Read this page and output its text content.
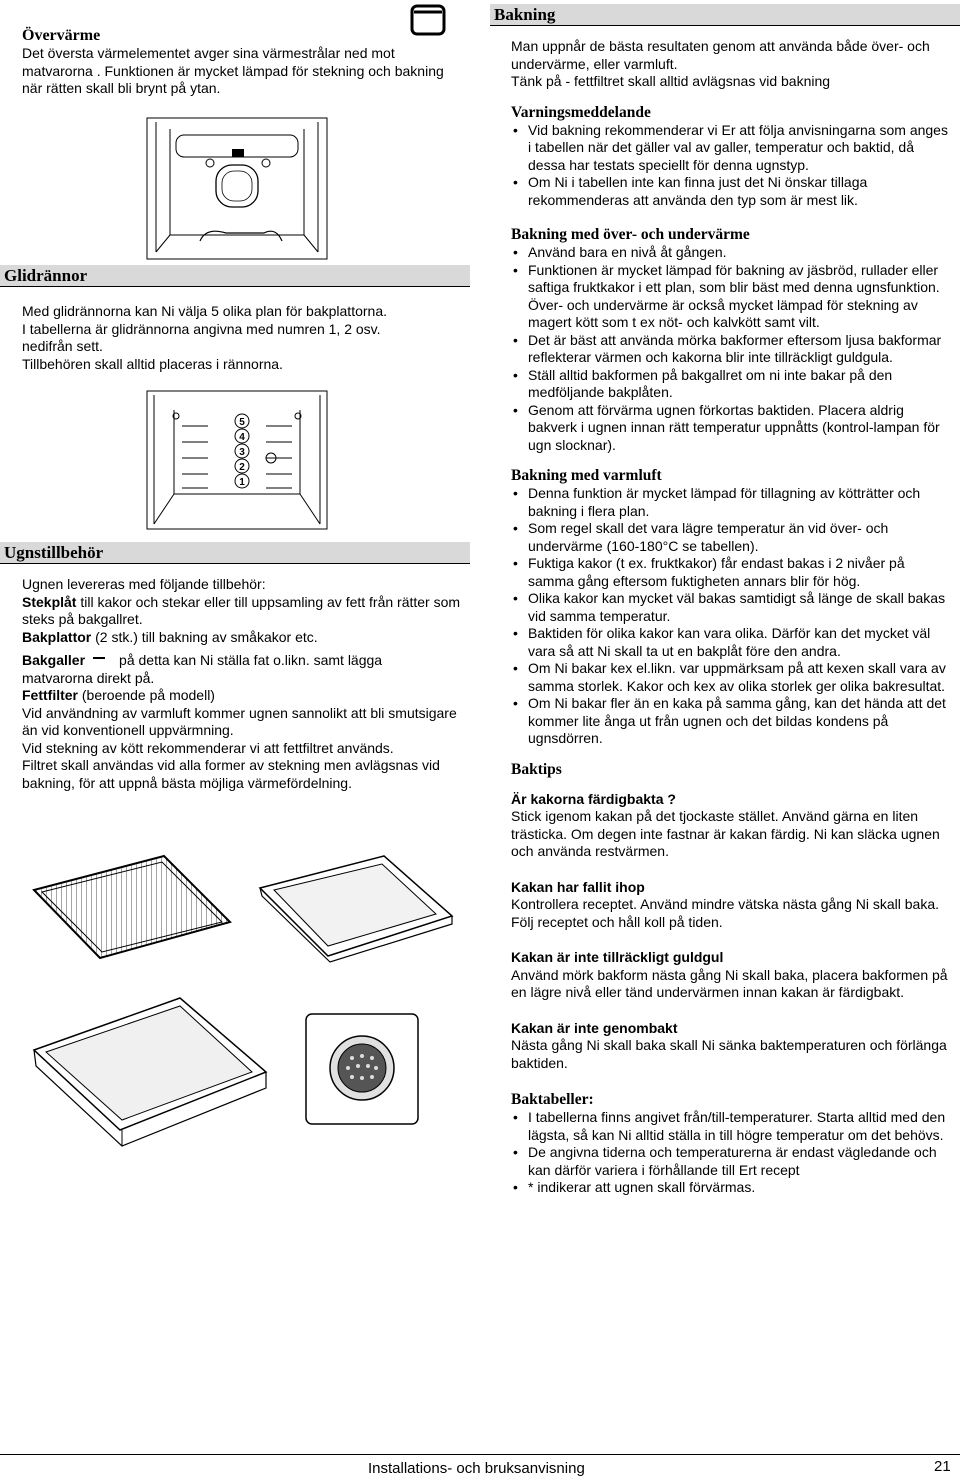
Övervärme

Det översta värmelementet avger sina värmestrålar ned mot matvarorna . Funktionen är mycket lämpad för stekning och bakning när rätten skall bli brynt på ytan.

Glidrännor

Med glidrännorna kan Ni välja 5 olika plan för bakplattorna.

I tabellerna är glidrännorna angivna med numren 1, 2 osv.

nedifrån sett.

Tillbehören skall alltid placeras i rännorna.

5
4
3
2
1
Ugnstillbehör

Ugnen levereras med följande tillbehör:

Stekplåt till kakor och stekar eller till uppsamling av fett från rätter som steks på bakgallret.

Bakplattor (2 stk.) till bakning av småkakor etc.

Bakgaller på detta kan Ni ställa fat o.likn. samt lägga

matvarorna direkt på.

Fettfilter (beroende på modell)

Vid användning av varmluft kommer ugnen sannolikt att bli smutsigare än vid konventionell uppvärmning.

Vid stekning av kött rekommenderar vi att fettfiltret används.

Filtret skall användas vid alla former av stekning men avlägsnas vid bakning, för att uppnå bästa möjliga värmefördelning.

Bakning

Man uppnår de bästa resultaten genom att använda både över- och undervärme, eller varmluft.

Tänk på - fettfiltret skall alltid avlägsnas vid bakning

Varningsmeddelande
• Vid bakning rekommenderar vi Er att följa anvisningarna som anges i tabellen när det gäller val av galler, temperatur och baktid, då dessa har testats speciellt för denna ugnstyp.
• Om Ni i tabellen inte kan finna just det Ni önskar tillaga rekommenderas att använda den typ som är mest lik.
Bakning med över- och undervärme
• Använd bara en nivå åt gången.
• Funktionen är mycket lämpad för bakning av jäsbröd, rullader eller saftiga fruktkakor i ett plan, som blir bäst med denna ugnsfunktion. Över- och undervärme är också mycket lämpad för stekning av magert kött som t ex nöt- och kalvkött samt vilt.
• Det är bäst att använda mörka bakformer eftersom ljusa bakformar reflekterar värmen och kakorna blir inte tillräckligt guldgula.
• Ställ alltid bakformen på bakgallret om ni inte bakar på den medföljande bakplåten.
• Genom att förvärma ugnen förkortas baktiden. Placera aldrig bakverk i ugnen innan rätt temperatur uppnåtts (kontrol-lampan för ugn slocknar).
Bakning med varmluft
• Denna funktion är mycket lämpad för tillagning av kötträtter och bakning i flera plan.
• Som regel skall det vara lägre temperatur än vid över- och undervärme (160-180°C se tabellen).
• Fuktiga kakor (t ex. fruktkakor) får endast bakas i 2 nivåer på samma gång eftersom fuktigheten annars blir för hög.
• Olika kakor kan mycket väl bakas samtidigt så länge de skall bakas vid samma temperatur.
• Baktiden för olika kakor kan vara olika. Därför kan det mycket väl vara så att Ni skall ta ut en bakplåt före den andra.
• Om Ni bakar kex el.likn. var uppmärksam på att kexen skall vara av samma storlek. Kakor och kex av olika storlek ger olika bakresultat.
• Om Ni bakar fler än en kaka på samma gång, kan det hända att det kommer lite ånga ut från ugnen och det bildas kondens på ugnsdörren.
Baktips

Är kakorna färdigbakta ?

Stick igenom kakan på det tjockaste stället. Använd gärna en liten trästicka. Om degen inte fastnar är kakan färdig. Ni kan släcka ugnen och använda restvärmen.

Kakan har fallit ihop

Kontrollera receptet. Använd mindre vätska nästa gång Ni skall baka. Följ receptet och håll koll på tiden.

Kakan är inte tillräckligt guldgul

Använd mörk bakform nästa gång Ni skall baka, placera bakformen på en lägre nivå eller tänd undervärmen innan kakan är färdigbakt.

Kakan är inte genombakt

Nästa gång Ni skall baka skall Ni sänka baktemperaturen och förlänga baktiden.

Baktabeller:
• I tabellerna finns angivet från/till-temperaturer. Starta alltid med den lägsta, så kan Ni alltid ställa in till högre temperatur om det behövs.
• De angivna tiderna och temperaturerna är endast vägledande och kan därför variera i förhållande till Ert recept
• * indikerar att ugnen skall förvärmas.
Installations- och bruksanvisning	21
